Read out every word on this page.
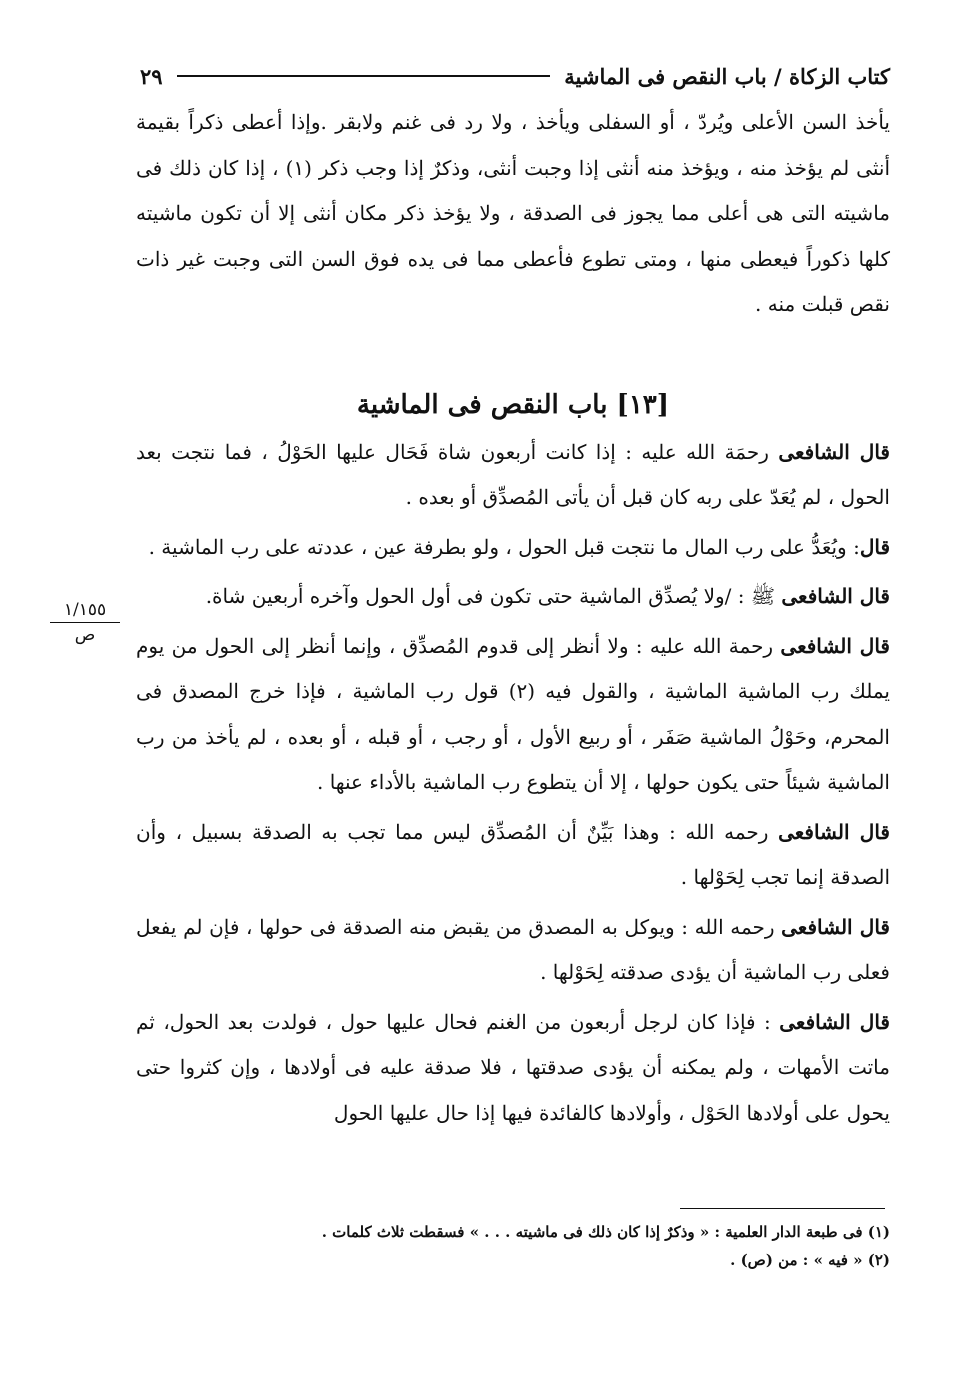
كتاب الزكاة / باب النقص فى الماشية
٢٩

يأخذ السن الأعلى ويُردّ ، أو السفلى ويأخذ ، ولا رد فى غنم ولابقر .وإذا أعطى ذكراً بقيمة أنثى لم يؤخذ منه ، ويؤخذ منه أنثى إذا وجبت أنثى، وذكرٌ إذا وجب ذكر (١) ، إذا كان ذلك فى ماشيته التى هى أعلى مما يجوز فى الصدقة ، ولا يؤخذ ذكر مكان أنثى إلا أن تكون ماشيته كلها ذكوراً فيعطى منها ، ومتى تطوع فأعطى مما فى يده فوق السن التى وجبت غير ذات نقص قبلت منه .

[١٣] باب النقص فى الماشية

قال الشافعى رحمَة الله عليه : إذا كانت أربعون شاة فَحَال عليها الحَوْلُ ، فما نتجت بعد الحول ، لم يُعَدّ على ربه كان قبل أن يأتى المُصدِّق أو بعده .

قال: ويُعَدُّ على رب المال ما نتجت قبل الحول ، ولو بطرفة عين ، عددته على رب الماشية .

قال الشافعى ﷺ : /ولا يُصدِّق الماشية حتى تكون فى أول الحول وآخره أربعين شاة.

قال الشافعى رحمة الله عليه : ولا أنظر إلى قدوم المُصدِّق ، وإنما أنظر إلى الحول من يوم يملك رب الماشية الماشية ، والقول فيه (٢) قول رب الماشية ، فإذا خرج المصدق فى المحرم، وحَوْلُ الماشية صَفَر ، أو ربيع الأول ، أو رجب ، أو قبله ، أو بعده ، لم يأخذ من رب الماشية شيئاً حتى يكون حولها ، إلا أن يتطوع رب الماشية بالأداء عنها .

قال الشافعى رحمه الله : وهذا بَيِّنٌ أن المُصدِّق ليس مما تجب به الصدقة بسبيل ، وأن الصدقة إنما تجب لِحَوْلها .

قال الشافعى رحمه الله : ويوكل به المصدق من يقبض منه الصدقة فى حولها ، فإن لم يفعل فعلى رب الماشية أن يؤدى صدقته لِحَوْلها .

قال الشافعى : فإذا كان لرجل أربعون من الغنم فحال عليها حول ، فولدت بعد الحول، ثم ماتت الأمهات ، ولم يمكنه أن يؤدى صدقتها ، فلا صدقة عليه فى أولادها ، وإن كثروا حتى يحول على أولادها الحَوْل ، وأولادها كالفائدة فيها إذا حال عليها الحول

١/١٥٥
ص

(١) فى طبعة الدار العلمية : « وذكرٌ إذا كان ذلك فى ماشيته . . . » فسقطت ثلاث كلمات .

(٢) « فيه » : من (ص) .
